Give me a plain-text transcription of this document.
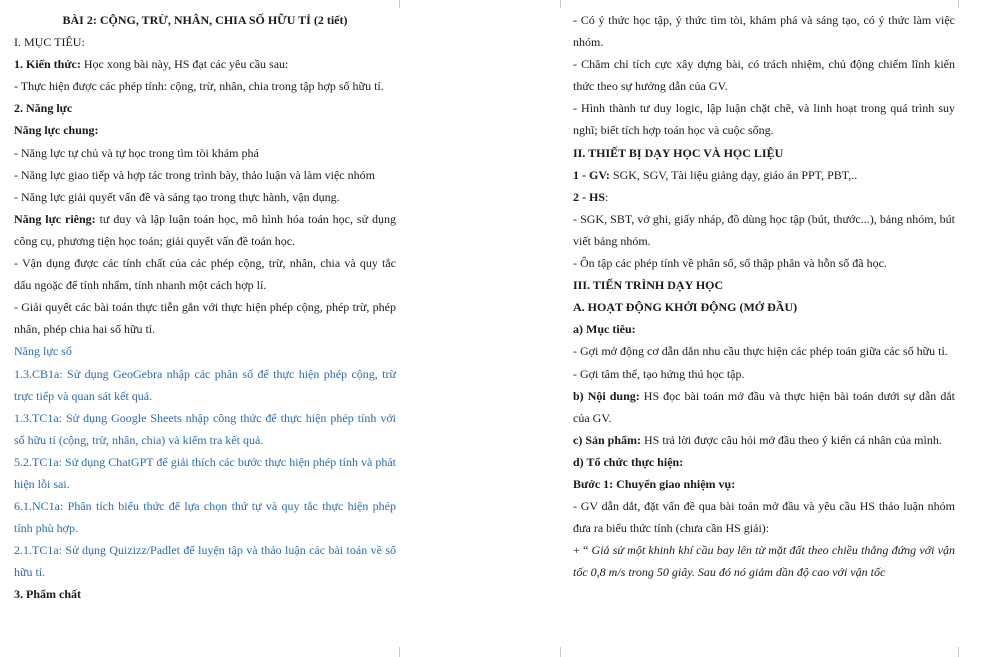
BÀI 2: CỘNG, TRỪ, NHÂN, CHIA SỐ HỮU TỈ (2 tiết)

I. MỤC TIÊU:

1. Kiến thức: Học xong bài này, HS đạt các yêu cầu sau:

- Thực hiện được các phép tính: cộng, trừ, nhân, chia trong tập hợp số hữu tỉ.

2. Năng lực

Năng lực chung:

- Năng lực tự chủ và tự học trong tìm tòi khám phá

- Năng lực giao tiếp và hợp tác trong trình bày, thảo luận và làm việc nhóm

- Năng lực giải quyết vấn đề và sáng tạo trong thực hành, vận dụng.

Năng lực riêng: tư duy và lập luận toán học, mô hình hóa toán học, sử dụng công cụ, phương tiện học toán; giải quyết vấn đề toán học.

- Vận dụng được các tính chất của các phép cộng, trừ, nhân, chia và quy tắc dấu ngoặc để tính nhẩm, tính nhanh một cách hợp lí.

- Giải quyết các bài toán thực tiễn gắn với thực hiện phép cộng, phép trừ, phép nhân, phép chia hai số hữu tỉ.

Năng lực số

1.3.CB1a: Sử dụng GeoGebra nhập các phân số để thực hiện phép cộng, trừ trực tiếp và quan sát kết quả.

1.3.TC1a: Sử dụng Google Sheets nhập công thức để thực hiện phép tính với số hữu tỉ (cộng, trừ, nhân, chia) và kiểm tra kết quả.

5.2.TC1a: Sử dụng ChatGPT để giải thích các bước thực hiện phép tính và phát hiện lỗi sai.

6.1.NC1a: Phân tích biểu thức để lựa chọn thứ tự và quy tắc thực hiện phép tính phù hợp.

2.1.TC1a: Sử dụng Quizizz/Padlet để luyện tập và thảo luận các bài toán về số hữu tỉ.

3. Phẩm chất

- Có ý thức học tập, ý thức tìm tòi, khám phá và sáng tạo, có ý thức làm việc nhóm.

- Chăm chỉ tích cực xây dựng bài, có trách nhiệm, chủ động chiếm lĩnh kiến thức theo sự hướng dẫn của GV.

- Hình thành tư duy logic, lập luận chặt chẽ, và linh hoạt trong quá trình suy nghĩ; biết tích hợp toán học và cuộc sống.

II. THIẾT BỊ DẠY HỌC VÀ HỌC LIỆU

1 - GV: SGK, SGV, Tài liệu giảng dạy, giáo án PPT, PBT,..

2 - HS:

- SGK, SBT, vở ghi, giấy nháp, đồ dùng học tập (bút, thước...), bảng nhóm, bút viết bảng nhóm.

- Ôn tập các phép tính về phân số, số thập phân và hỗn số đã học.

III. TIẾN TRÌNH DẠY HỌC

A. HOẠT ĐỘNG KHỞI ĐỘNG (MỞ ĐẦU)

a) Mục tiêu:

- Gợi mở động cơ dẫn dắn nhu cầu thực hiện các phép toán giữa các số hữu tỉ.

- Gợi tâm thế, tạo hứng thú học tập.

b) Nội dung: HS đọc bài toán mở đầu và thực hiện bài toán dưới sự dẫn dắt của GV.

c) Sản phẩm: HS trả lời được câu hỏi mở đầu theo ý kiến cá nhân của mình.

d) Tổ chức thực hiện:

Bước 1: Chuyển giao nhiệm vụ:

- GV dẫn dắt, đặt vấn đề qua bài toán mở đầu và yêu cầu HS thảo luận nhóm đưa ra biểu thức tính (chưa cần HS giải):

+ “ Giả sử một khinh khí cầu bay lên từ mặt đất theo chiều thẳng đứng với vận tốc 0,8 m/s trong 50 giây. Sau đó nó giảm dần độ cao với vận tốc
